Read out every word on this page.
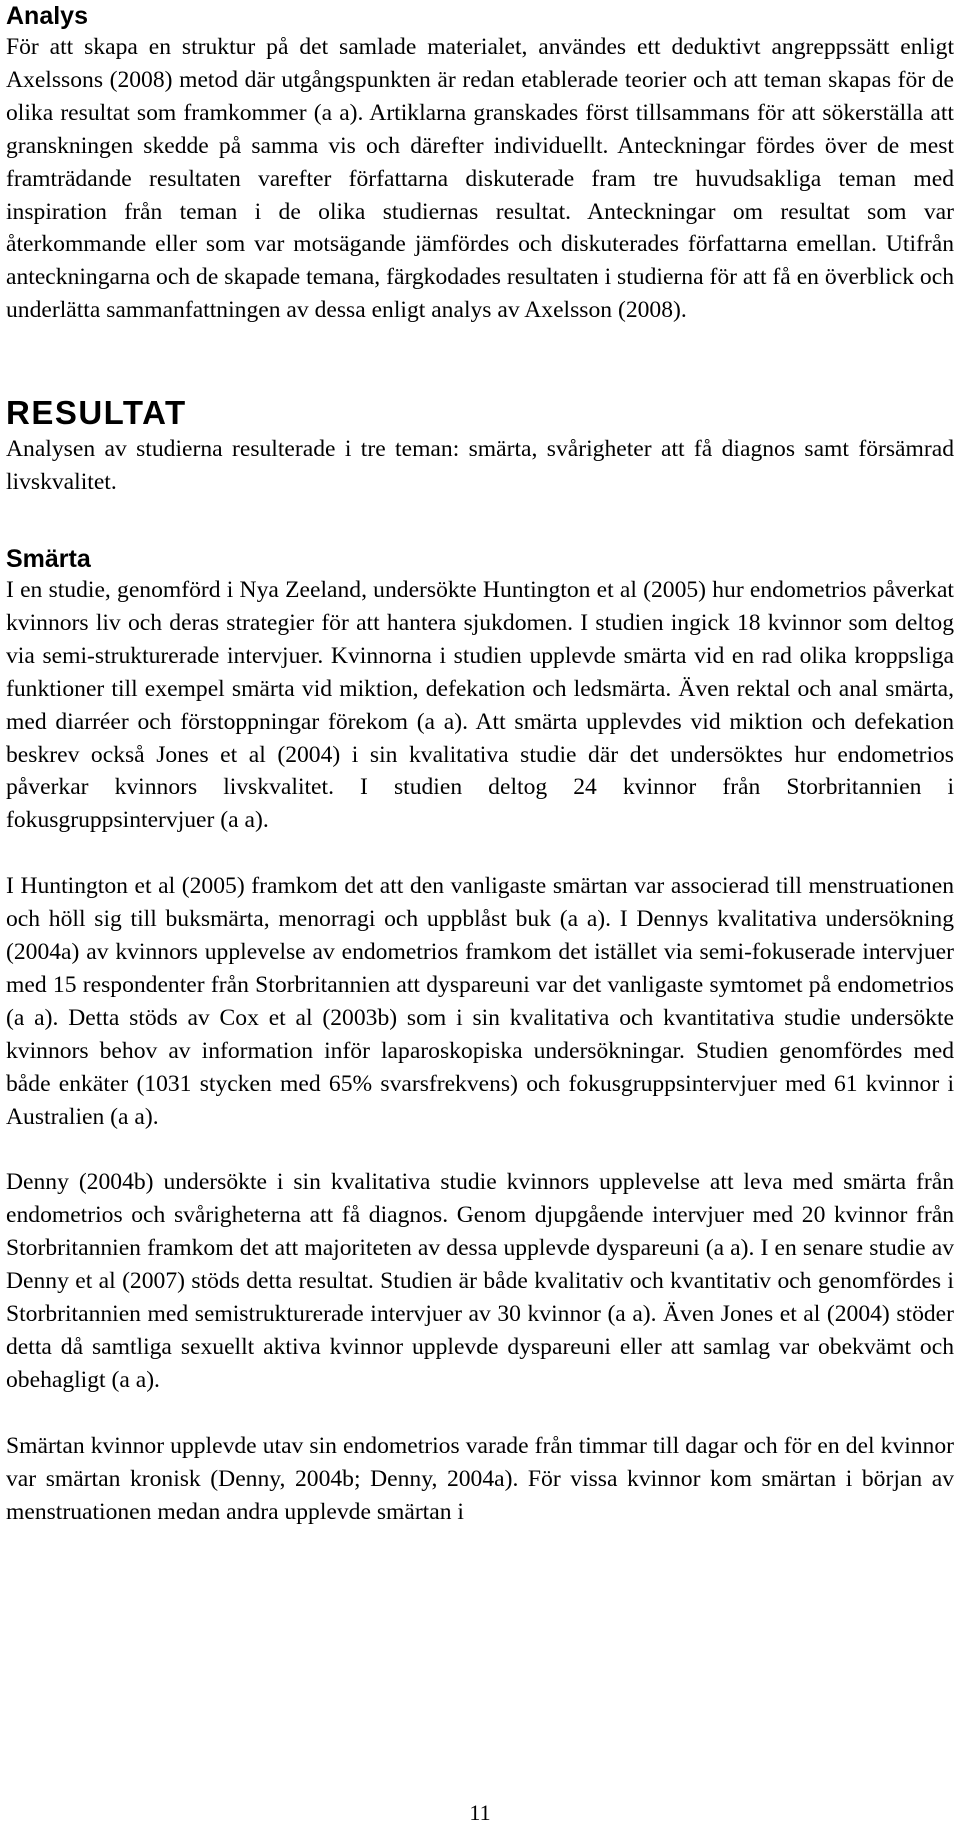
Analys

För att skapa en struktur på det samlade materialet, användes ett deduktivt angreppssätt enligt Axelssons (2008) metod där utgångspunkten är redan etablerade teorier och att teman skapas för de olika resultat som framkommer (a a). Artiklarna granskades först tillsammans för att sökerställa att granskningen skedde på samma vis och därefter individuellt. Anteckningar fördes över de mest framträdande resultaten varefter författarna diskuterade fram tre huvudsakliga teman med inspiration från teman i de olika studiernas resultat. Anteckningar om resultat som var återkommande eller som var motsägande jämfördes och diskuterades författarna emellan. Utifrån anteckningarna och de skapade temana, färgkodades resultaten i studierna för att få en överblick och underlätta sammanfattningen av dessa enligt analys av Axelsson (2008).

RESULTAT

Analysen av studierna resulterade i tre teman: smärta, svårigheter att få diagnos samt försämrad livskvalitet.

Smärta

I en studie, genomförd i Nya Zeeland, undersökte Huntington et al (2005) hur endometrios påverkat kvinnors liv och deras strategier för att hantera sjukdomen. I studien ingick 18 kvinnor som deltog via semi-strukturerade intervjuer. Kvinnorna i studien upplevde smärta vid en rad olika kroppsliga funktioner till exempel smärta vid miktion, defekation och ledsmärta. Även rektal och anal smärta, med diarréer och förstoppningar förekom (a a). Att smärta upplevdes vid miktion och defekation beskrev också Jones et al (2004) i sin kvalitativa studie där det undersöktes hur endometrios påverkar kvinnors livskvalitet. I studien deltog 24 kvinnor från Storbritannien i fokusgruppsintervjuer (a a).

I Huntington et al (2005) framkom det att den vanligaste smärtan var associerad till menstruationen och höll sig till buksmärta, menorragi och uppblåst buk (a a). I Dennys kvalitativa undersökning (2004a) av kvinnors upplevelse av endometrios framkom det istället via semi-fokuserade intervjuer med 15 respondenter från Storbritannien att dyspareuni var det vanligaste symtomet på endometrios (a a). Detta stöds av Cox et al (2003b) som i sin kvalitativa och kvantitativa studie undersökte kvinnors behov av information inför laparoskopiska undersökningar. Studien genomfördes med både enkäter (1031 stycken med 65% svarsfrekvens) och fokusgruppsintervjuer med 61 kvinnor i Australien (a a).

Denny (2004b) undersökte i sin kvalitativa studie kvinnors upplevelse att leva med smärta från endometrios och svårigheterna att få diagnos. Genom djupgående intervjuer med 20 kvinnor från Storbritannien framkom det att majoriteten av dessa upplevde dyspareuni (a a). I en senare studie av Denny et al (2007) stöds detta resultat. Studien är både kvalitativ och kvantitativ och genomfördes i Storbritannien med semistrukturerade intervjuer av 30 kvinnor (a a). Även Jones et al (2004) stöder detta då samtliga sexuellt aktiva kvinnor upplevde dyspareuni eller att samlag var obekvämt och obehagligt (a a).

Smärtan kvinnor upplevde utav sin endometrios varade från timmar till dagar och för en del kvinnor var smärtan kronisk (Denny, 2004b; Denny, 2004a). För vissa kvinnor kom smärtan i början av menstruationen medan andra upplevde smärtan i

11
